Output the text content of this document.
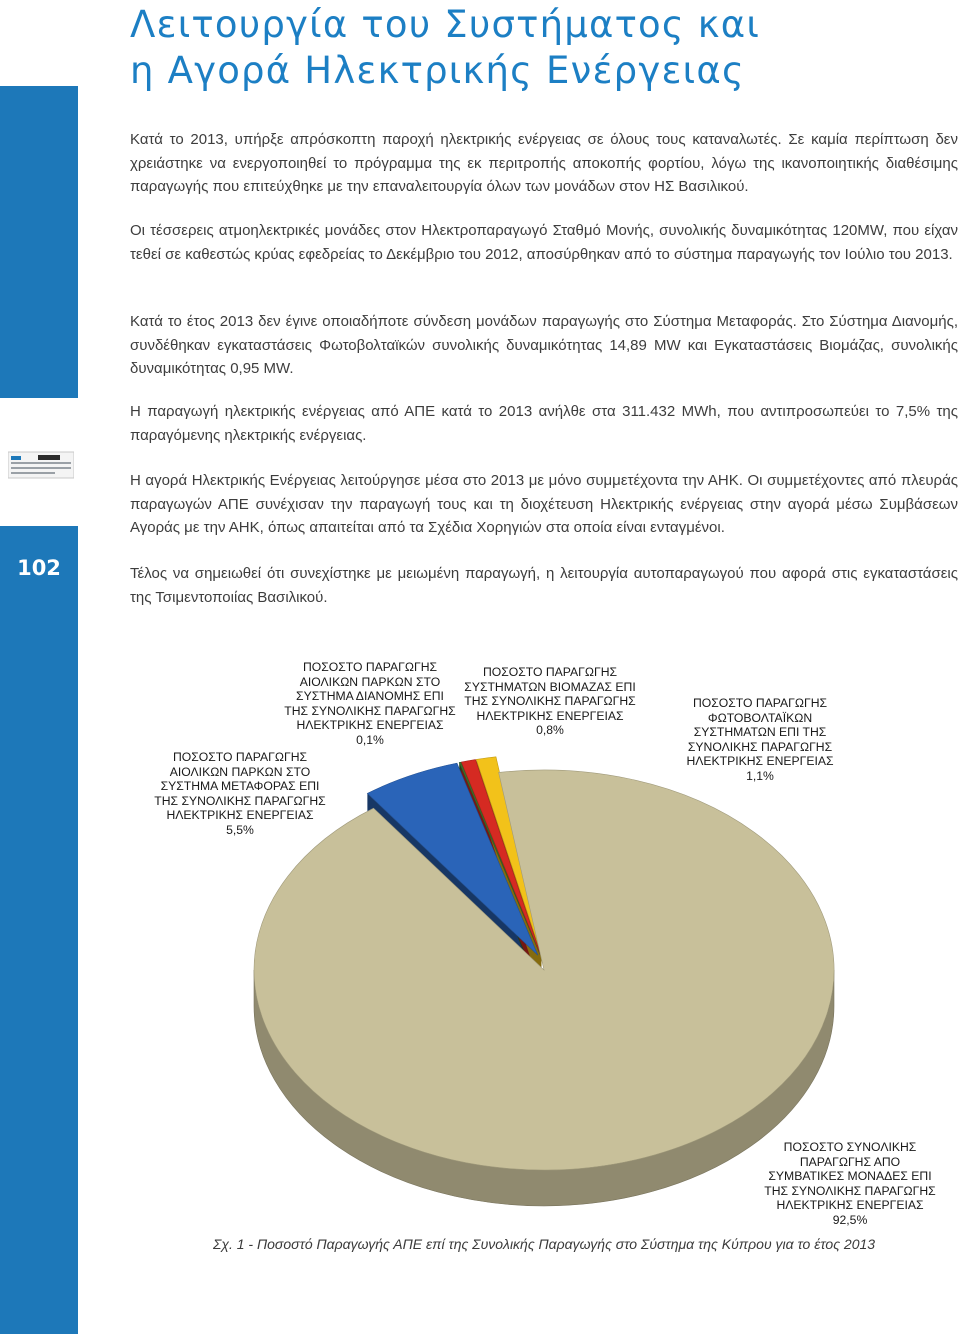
Λειτουργία του Συστήματος και
η Αγορά Ηλεκτρικής Ενέργειας
102

Κατά το 2013, υπήρξε απρόσκοπτη παροχή ηλεκτρικής ενέργειας σε όλους τους καταναλωτές. Σε καμία περίπτωση δεν χρειάστηκε να ενεργοποιηθεί το πρόγραμμα της εκ περιτροπής αποκοπής φορτίου, λόγω της ικανοποιητικής διαθέσιμης παραγωγής που επιτεύχθηκε με την επαναλειτουργία όλων των μονάδων στον ΗΣ Βασιλικού.

Οι τέσσερεις ατμοηλεκτρικές μονάδες στον Ηλεκτροπαραγωγό Σταθμό Μονής, συνολικής δυναμικότητας 120MW, που είχαν τεθεί σε καθεστώς κρύας εφεδρείας το Δεκέμβριο του 2012, αποσύρθηκαν από το σύστημα παραγωγής τον Ιούλιο του 2013.

Κατά το έτος 2013 δεν έγινε οποιαδήποτε σύνδεση μονάδων παραγωγής στο Σύστημα Μεταφοράς. Στο Σύστημα Διανομής, συνδέθηκαν εγκαταστάσεις Φωτοβολταϊκών συνολικής δυναμικότητας 14,89 MW και Εγκαταστάσεις Βιομάζας, συνολικής δυναμικότητας 0,95 MW.

Η παραγωγή ηλεκτρικής ενέργειας από ΑΠΕ κατά το 2013 ανήλθε στα 311.432 MWh, που αντιπροσωπεύει το 7,5% της παραγόμενης ηλεκτρικής ενέργειας.

Η αγορά Ηλεκτρικής Ενέργειας λειτούργησε μέσα στο 2013 με μόνο συμμετέχοντα την ΑΗΚ. Οι συμμετέχοντες από πλευράς παραγωγών ΑΠΕ συνέχισαν την παραγωγή τους και τη διοχέτευση Ηλεκτρικής ενέργειας στην αγορά μέσω Συμβάσεων Αγοράς με την ΑΗΚ, όπως απαιτείται από τα Σχέδια Χορηγιών στα οποία είναι ενταγμένοι.

Τέλος να σημειωθεί ότι συνεχίστηκε με μειωμένη παραγωγή, η λειτουργία αυτοπαραγωγού που αφορά στις εγκαταστάσεις της Τσιμεντοποιίας Βασιλικού.

ΠΟΣΟΣΤΟ ΣΥΝΟΛΙΚΗΣ
ΠΑΡΑΓΩΓΗΣ ΑΠΟ
ΣΥΜΒΑΤΙΚΕΣ ΜΟΝΑΔΕΣ ΕΠΙ
ΤΗΣ ΣΥΝΟΛΙΚΗΣ ΠΑΡΑΓΩΓΗΣ
ΗΛΕΚΤΡΙΚΗΣ ΕΝΕΡΓΕΙΑΣ
92,5%
ΠΟΣΟΣΤΟ ΠΑΡΑΓΩΓΗΣ
ΑΙΟΛΙΚΩΝ ΠΑΡΚΩΝ ΣΤΟ
ΣΥΣΤΗΜΑ ΜΕΤΑΦΟΡΑΣ ΕΠΙ
ΤΗΣ ΣΥΝΟΛΙΚΗΣ ΠΑΡΑΓΩΓΗΣ
ΗΛΕΚΤΡΙΚΗΣ ΕΝΕΡΓΕΙΑΣ
5,5%
ΠΟΣΟΣΤΟ ΠΑΡΑΓΩΓΗΣ
ΑΙΟΛΙΚΩΝ ΠΑΡΚΩΝ ΣΤΟ
ΣΥΣΤΗΜΑ ΔΙΑΝΟΜΗΣ ΕΠΙ
ΤΗΣ ΣΥΝΟΛΙΚΗΣ ΠΑΡΑΓΩΓΗΣ
ΗΛΕΚΤΡΙΚΗΣ ΕΝΕΡΓΕΙΑΣ
0,1%
ΠΟΣΟΣΤΟ ΠΑΡΑΓΩΓΗΣ
ΣΥΣΤΗΜΑΤΩΝ ΒΙΟΜΑΖΑΣ ΕΠΙ
ΤΗΣ ΣΥΝΟΛΙΚΗΣ ΠΑΡΑΓΩΓΗΣ
ΗΛΕΚΤΡΙΚΗΣ ΕΝΕΡΓΕΙΑΣ
0,8%
ΠΟΣΟΣΤΟ ΠΑΡΑΓΩΓΗΣ
ΦΩΤΟΒΟΛΤΑΪΚΩΝ
ΣΥΣΤΗΜΑΤΩΝ ΕΠΙ ΤΗΣ
ΣΥΝΟΛΙΚΗΣ ΠΑΡΑΓΩΓΗΣ
ΗΛΕΚΤΡΙΚΗΣ ΕΝΕΡΓΕΙΑΣ
1,1%
Σχ. 1 - Ποσοστό Παραγωγής ΑΠΕ επί της Συνολικής Παραγωγής στο Σύστημα της Κύπρου για το έτος 2013
